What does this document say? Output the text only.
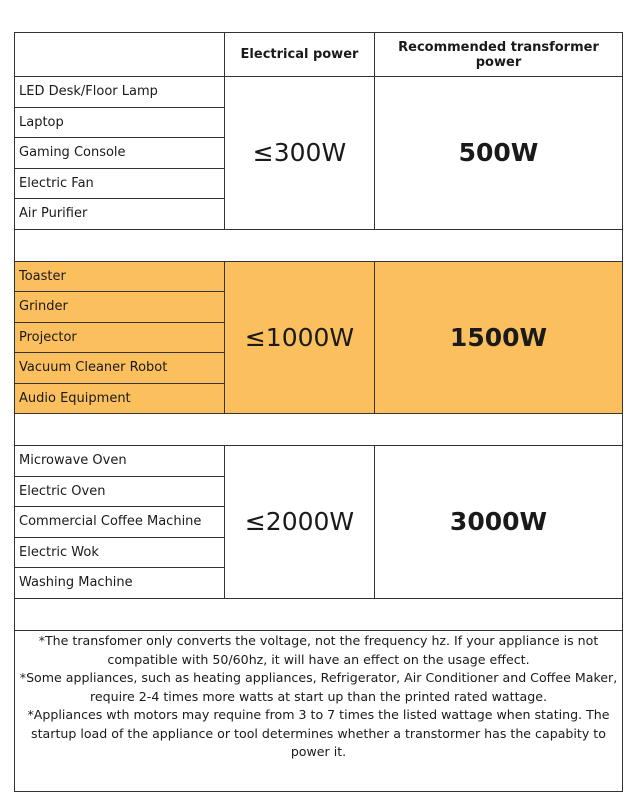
	Electrical power	Recommended transformer power
LED Desk/Floor Lamp	≤300W	500W
Laptop		
Gaming Console		
Electric Fan		
Air Purifier		

Toaster	≤1000W	1500W
Grinder		
Projector		
Vacuum Cleaner Robot		
Audio Equipment		

Microwave Oven	≤2000W	3000W
Electric Oven		
Commercial Coffee Machine		
Electric Wok		
Washing Machine		

*The transfomer only converts the voltage, not the frequency hz. If your appliance is not compatible with 50/60hz, it will have an effect on the usage effect.
*Some appliances, such as heating appliances, Refrigerator, Air Conditioner and Coffee Maker, require 2-4 times more watts at start up than the printed rated wattage.
*Appliances wth motors may requine from 3 to 7 times the listed wattage when stating. The startup load of the appliance or tool determines whether a transtormer has the capabity to power it.
